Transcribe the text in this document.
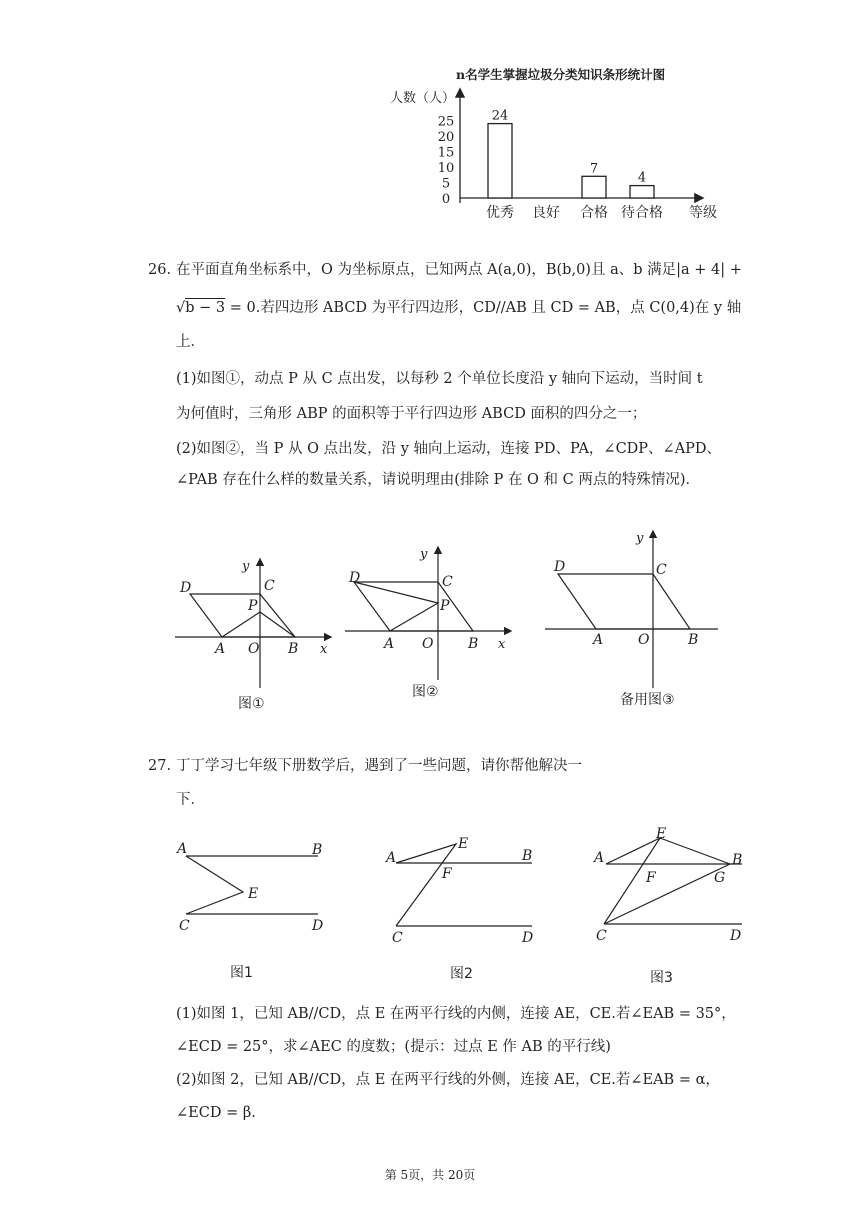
n名学生掌握垃圾分类知识条形统计图
人数（人）
0
5
10
15
20
25	24
7
4
优秀 良好 合格 待合格 等级
26. 在平面直角坐标系中，O 为坐标原点，已知两点 A(a,0)，B(b,0)且 a、b 满足|a + 4| +
√b − 3 = 0.若四边形 ABCD 为平行四边形，CD//AB 且 CD = AB，点 C(0,4)在 y 轴
上．
(1)如图①，动点 P 从 C 点出发，以每秒 2 个单位长度沿 y 轴向下运动，当时间 t
为何值时，三角形 ABP 的面积等于平行四边形 ABCD 面积的四分之一；
(2)如图②，当 P 从 O 点出发，沿 y 轴向上运动，连接 PD、PA，∠CDP、∠APD、
∠PAB 存在什么样的数量关系，请说明理由(排除 P 在 O 和 C 两点的特殊情况)．
y
D	C
P
A O B x
图①
y
D	C
P
A O B x
图②
y
D	C
A O	B
备用图③
27. 丁丁学习七年级下册数学后，遇到了一些问题，请你帮他解决一
下．
A	B
E
C	D
图1
A
E
F
B
C	D
图2
A
E
F	G
B
C	D
图3
(1)如图 1，已知 AB//CD，点 E 在两平行线的内侧，连接 AE，CE.若∠EAB = 35°，
∠ECD = 25°，求∠AEC 的度数；(提示：过点 E 作 AB 的平行线)
(2)如图 2，已知 AB//CD，点 E 在两平行线的外侧，连接 AE，CE.若∠EAB = α，
∠ECD = β.
第 5页，共 20页
